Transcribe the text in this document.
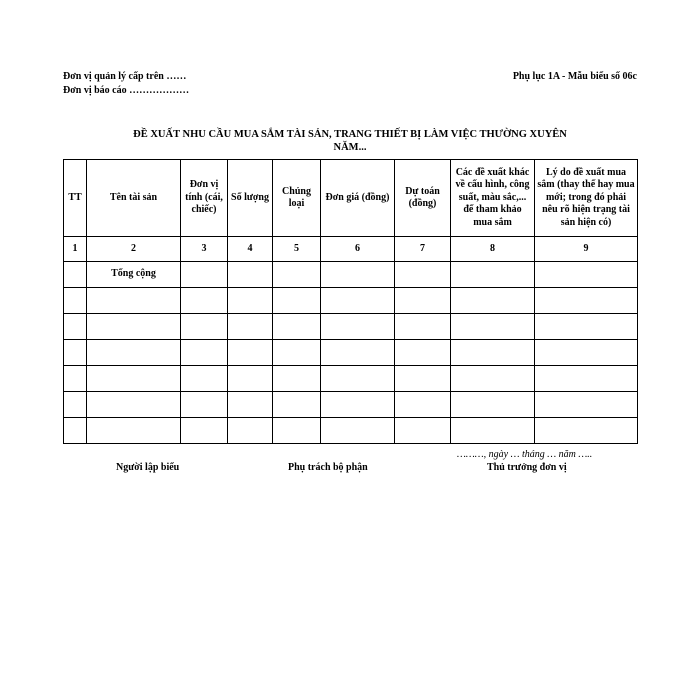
Đơn vị quản lý cấp trên ……
Đơn vị báo cáo ………………
Phụ lục 1A - Mẫu biểu số 06c
ĐỀ XUẤT NHU CẦU MUA SẮM TÀI SẢN, TRANG THIẾT BỊ LÀM VIỆC THƯỜNG XUYÊN
NĂM...
TT	Tên tài sản	Đơn vị tính (cái, chiếc)	Số lượng	Chủng loại	Đơn giá (đồng)	Dự toán (đồng)	Các đề xuất khác về cấu hình, công suất, màu sắc,... để tham khảo mua sắm	Lý do đề xuất mua sắm (thay thế hay mua mới; trong đó phải nêu rõ hiện trạng tài sản hiện có)
1	2	3	4	5	6	7	8	9
	Tổng cộng							

………, ngày … tháng … năm …..
Người lập biểu	Phụ trách bộ phận	Thủ trưởng đơn vị
